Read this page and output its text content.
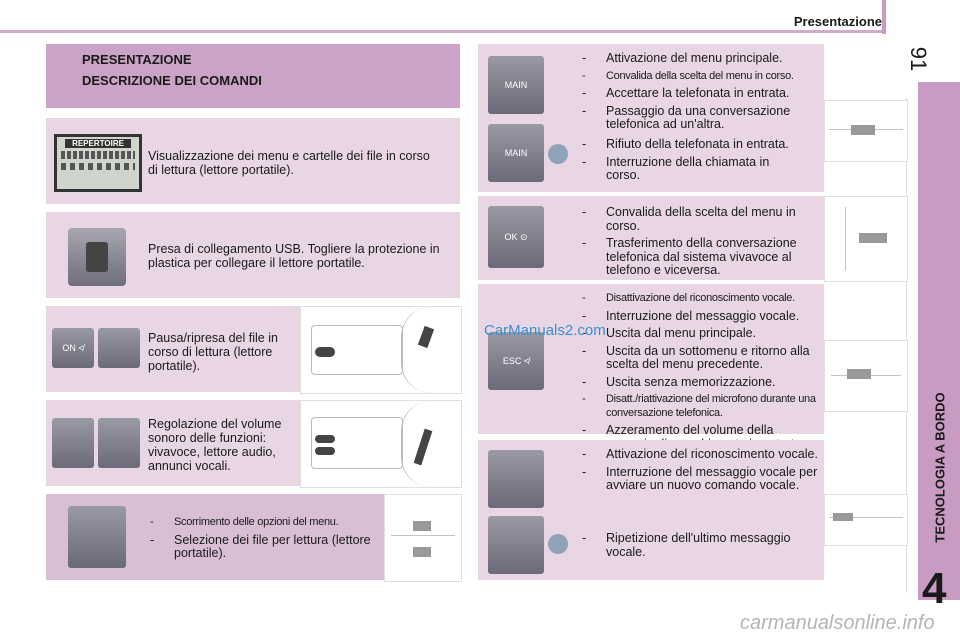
Presentazione
91
TECNOLOGIA A BORDO
4
PRESENTAZIONE
DESCRIZIONE DEI COMANDI
REPERTOIRE
Visualizzazione dei menu e cartelle dei file in corso di lettura (lettore portatile).
Presa di collegamento USB. Togliere la protezione in plastica per collegare il lettore portatile.
ON ≮
Pausa/ripresa del file in corso di lettura (lettore portatile).
Regolazione del volume sonoro delle funzioni: vivavoce, lettore audio, annunci vocali.
- Scorrimento delle opzioni del menu.
- Selezione dei file per lettura (lettore portatile).
MAIN
MAIN
- Attivazione del menu principale.
- Convalida della scelta del menu in corso.
- Accettare la telefonata in entrata.
- Passaggio da una conversazione telefonica ad un'altra.
- Rifiuto della telefonata in entrata.
- Interruzione della chiamata in corso.
OK ⊙
- Convalida della scelta del menu in corso.
- Trasferimento della conversazione telefonica dal sistema vivavoce al telefono e viceversa.
ESC ≮
- Disattivazione del riconoscimento vocale.
- Interruzione del messaggio vocale.
- Uscita dal menu principale.
- Uscita da un sottomenu e ritorno alla scelta del menu precedente.
- Uscita senza memorizzazione.
- Disatt./riattivazione del microfono durante una conversazione telefonica.
- Azzeramento del volume della
- Attivazione del riconoscimento vocale.
- Interruzione del messaggio vocale per avviare un nuovo comando vocale.
- Ripetizione dell'ultimo messaggio vocale.
CarManuals2.com
carmanualsonline.info
